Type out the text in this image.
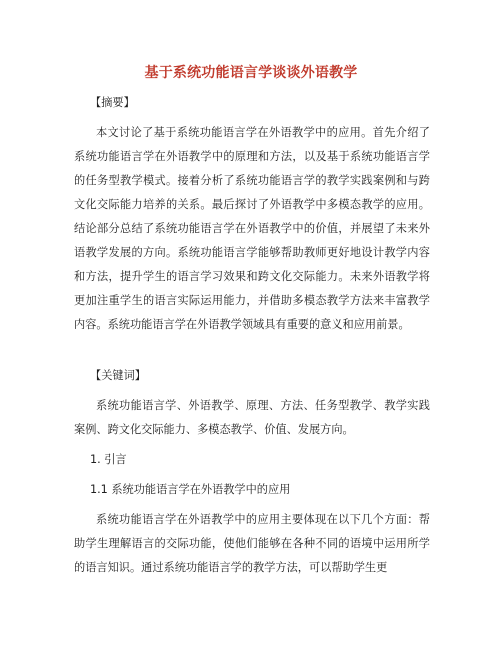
基于系统功能语言学谈谈外语教学
【摘要】
本文讨论了基于系统功能语言学在外语教学中的应用。首先介绍了系统功能语言学在外语教学中的原理和方法，以及基于系统功能语言学的任务型教学模式。接着分析了系统功能语言学的教学实践案例和与跨文化交际能力培养的关系。最后探讨了外语教学中多模态教学的应用。结论部分总结了系统功能语言学在外语教学中的价值，并展望了未来外语教学发展的方向。系统功能语言学能够帮助教师更好地设计教学内容和方法，提升学生的语言学习效果和跨文化交际能力。未来外语教学将更加注重学生的语言实际运用能力，并借助多模态教学方法来丰富教学内容。系统功能语言学在外语教学领域具有重要的意义和应用前景。
【关键词】
系统功能语言学、外语教学、原理、方法、任务型教学、教学实践案例、跨文化交际能力、多模态教学、价值、发展方向。
1. 引言
1.1 系统功能语言学在外语教学中的应用
系统功能语言学在外语教学中的应用主要体现在以下几个方面：帮助学生理解语言的交际功能，使他们能够在各种不同的语境中运用所学的语言知识。通过系统功能语言学的教学方法，可以帮助学生更
